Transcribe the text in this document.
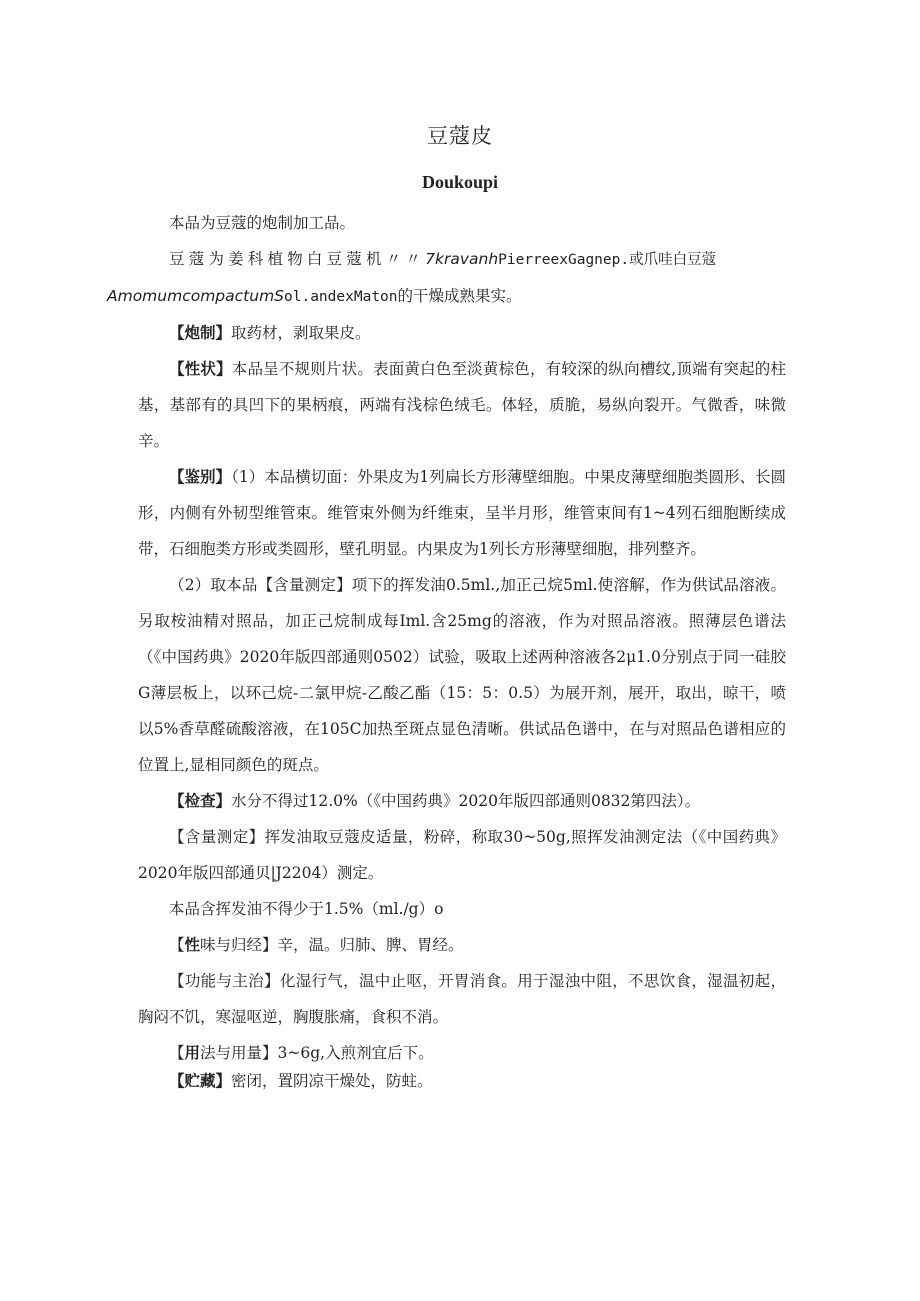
豆蔻皮
Doukoupi

本品为豆蔻的炮制加工品。

豆蔻为姜科植物白豆蔻机〃〃7kravanhPierreexGagnep.或爪哇白豆蔻
AmomumcompactumSol.andexMaton的干燥成熟果实。

【炮制】取药材，剥取果皮。

【性状】本品呈不规则片状。表面黄白色至淡黄棕色，有较深的纵向槽纹,顶端有突起的柱基，基部有的具凹下的果柄痕，两端有浅棕色绒毛。体轻，质脆，易纵向裂开。气微香，味微辛。

【鉴别】（1）本品横切面：外果皮为1列扁长方形薄壁细胞。中果皮薄壁细胞类圆形、长圆形，内侧有外韧型维管束。维管束外侧为纤维束，呈半月形，维管束间有1~4列石细胞断续成带，石细胞类方形或类圆形，壁孔明显。内果皮为1列长方形薄壁细胞，排列整齐。

（2）取本品【含量测定】项下的挥发油0.5ml.,加正己烷5ml.使溶解，作为供试品溶液。另取桉油精对照品，加正己烷制成每Iml.含25mg的溶液，作为对照品溶液。照薄层色谱法（《中国药典》2020年版四部通则0502）试验，吸取上述两种溶液各2μ1.0分别点于同一硅胶G薄层板上，以环己烷-二氯甲烷-乙酸乙酯（15：5：0.5）为展开剂，展开，取出，晾干，喷以5%香草醛硫酸溶液，在105C加热至斑点显色清晰。供试品色谱中，在与对照品色谱相应的位置上,显相同颜色的斑点。

【检查】水分不得过12.0%（《中国药典》2020年版四部通则0832第四法）。

【含量测定】挥发油取豆蔻皮适量，粉碎，称取30~50g,照挥发油测定法（《中国药典》2020年版四部通贝|J2204）测定。

本品含挥发油不得少于1.5%（ml./g）o

【性味与归经】辛，温。归肺、脾、胃经。

【功能与主治】化湿行气，温中止呕，开胃消食。用于湿浊中阻，不思饮食，湿温初起，胸闷不饥，寒湿呕逆，胸腹胀痛，食积不消。

【用法与用量】3~6g,入煎剂宜后下。

【贮藏】密闭，置阴凉干燥处，防蛀。
